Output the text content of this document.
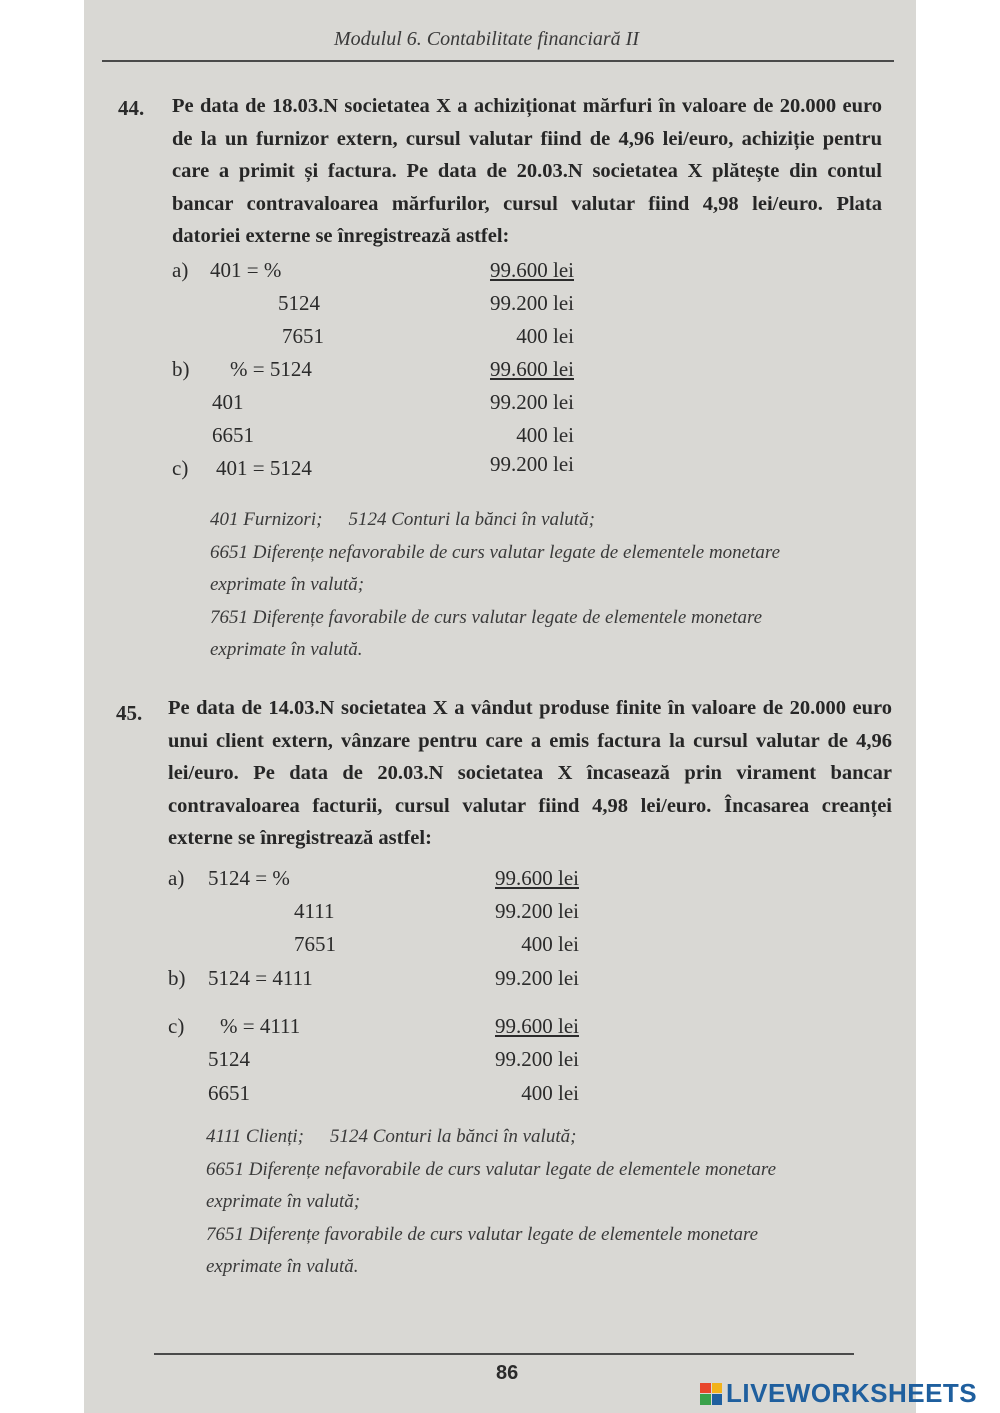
Modulul 6. Contabilitate financiară II
44. Pe data de 18.03.N societatea X a achiziționat mărfuri în valoare de 20.000 euro de la un furnizor extern, cursul valutar fiind de 4,96 lei/euro, achiziție pentru care a primit și factura. Pe data de 20.03.N societatea X plătește din contul bancar contravaloarea mărfurilor, cursul valutar fiind 4,98 lei/euro. Plata datoriei externe se înregistrează astfel:
a) 401 = %
5124
7651
99.600 lei
99.200 lei
400 lei
b) % = 5124
401
6651
99.600 lei
99.200 lei
400 lei
c) 401 = 5124	99.200 lei
401 Furnizori; 5124 Conturi la bănci în valută;
6651 Diferențe nefavorabile de curs valutar legate de elementele monetare
exprimate în valută;
7651 Diferențe favorabile de curs valutar legate de elementele monetare
exprimate în valută.
45. Pe data de 14.03.N societatea X a vândut produse finite în valoare de 20.000 euro unui client extern, vânzare pentru care a emis factura la cursul valutar de 4,96 lei/euro. Pe data de 20.03.N societatea X încasează prin virament bancar contravaloarea facturii, cursul valutar fiind 4,98 lei/euro. Încasarea creanței externe se înregistrează astfel:
a) 5124 = %
4111
7651
99.600 lei
99.200 lei
400 lei
b) 5124 = 4111	99.200 lei
c) % = 4111
5124
6651
99.600 lei
99.200 lei
400 lei
4111 Clienți; 5124 Conturi la bănci în valută;
6651 Diferențe nefavorabile de curs valutar legate de elementele monetare
exprimate în valută;
7651 Diferențe favorabile de curs valutar legate de elementele monetare
exprimate în valută.
86
LIVEWORKSHEETS
